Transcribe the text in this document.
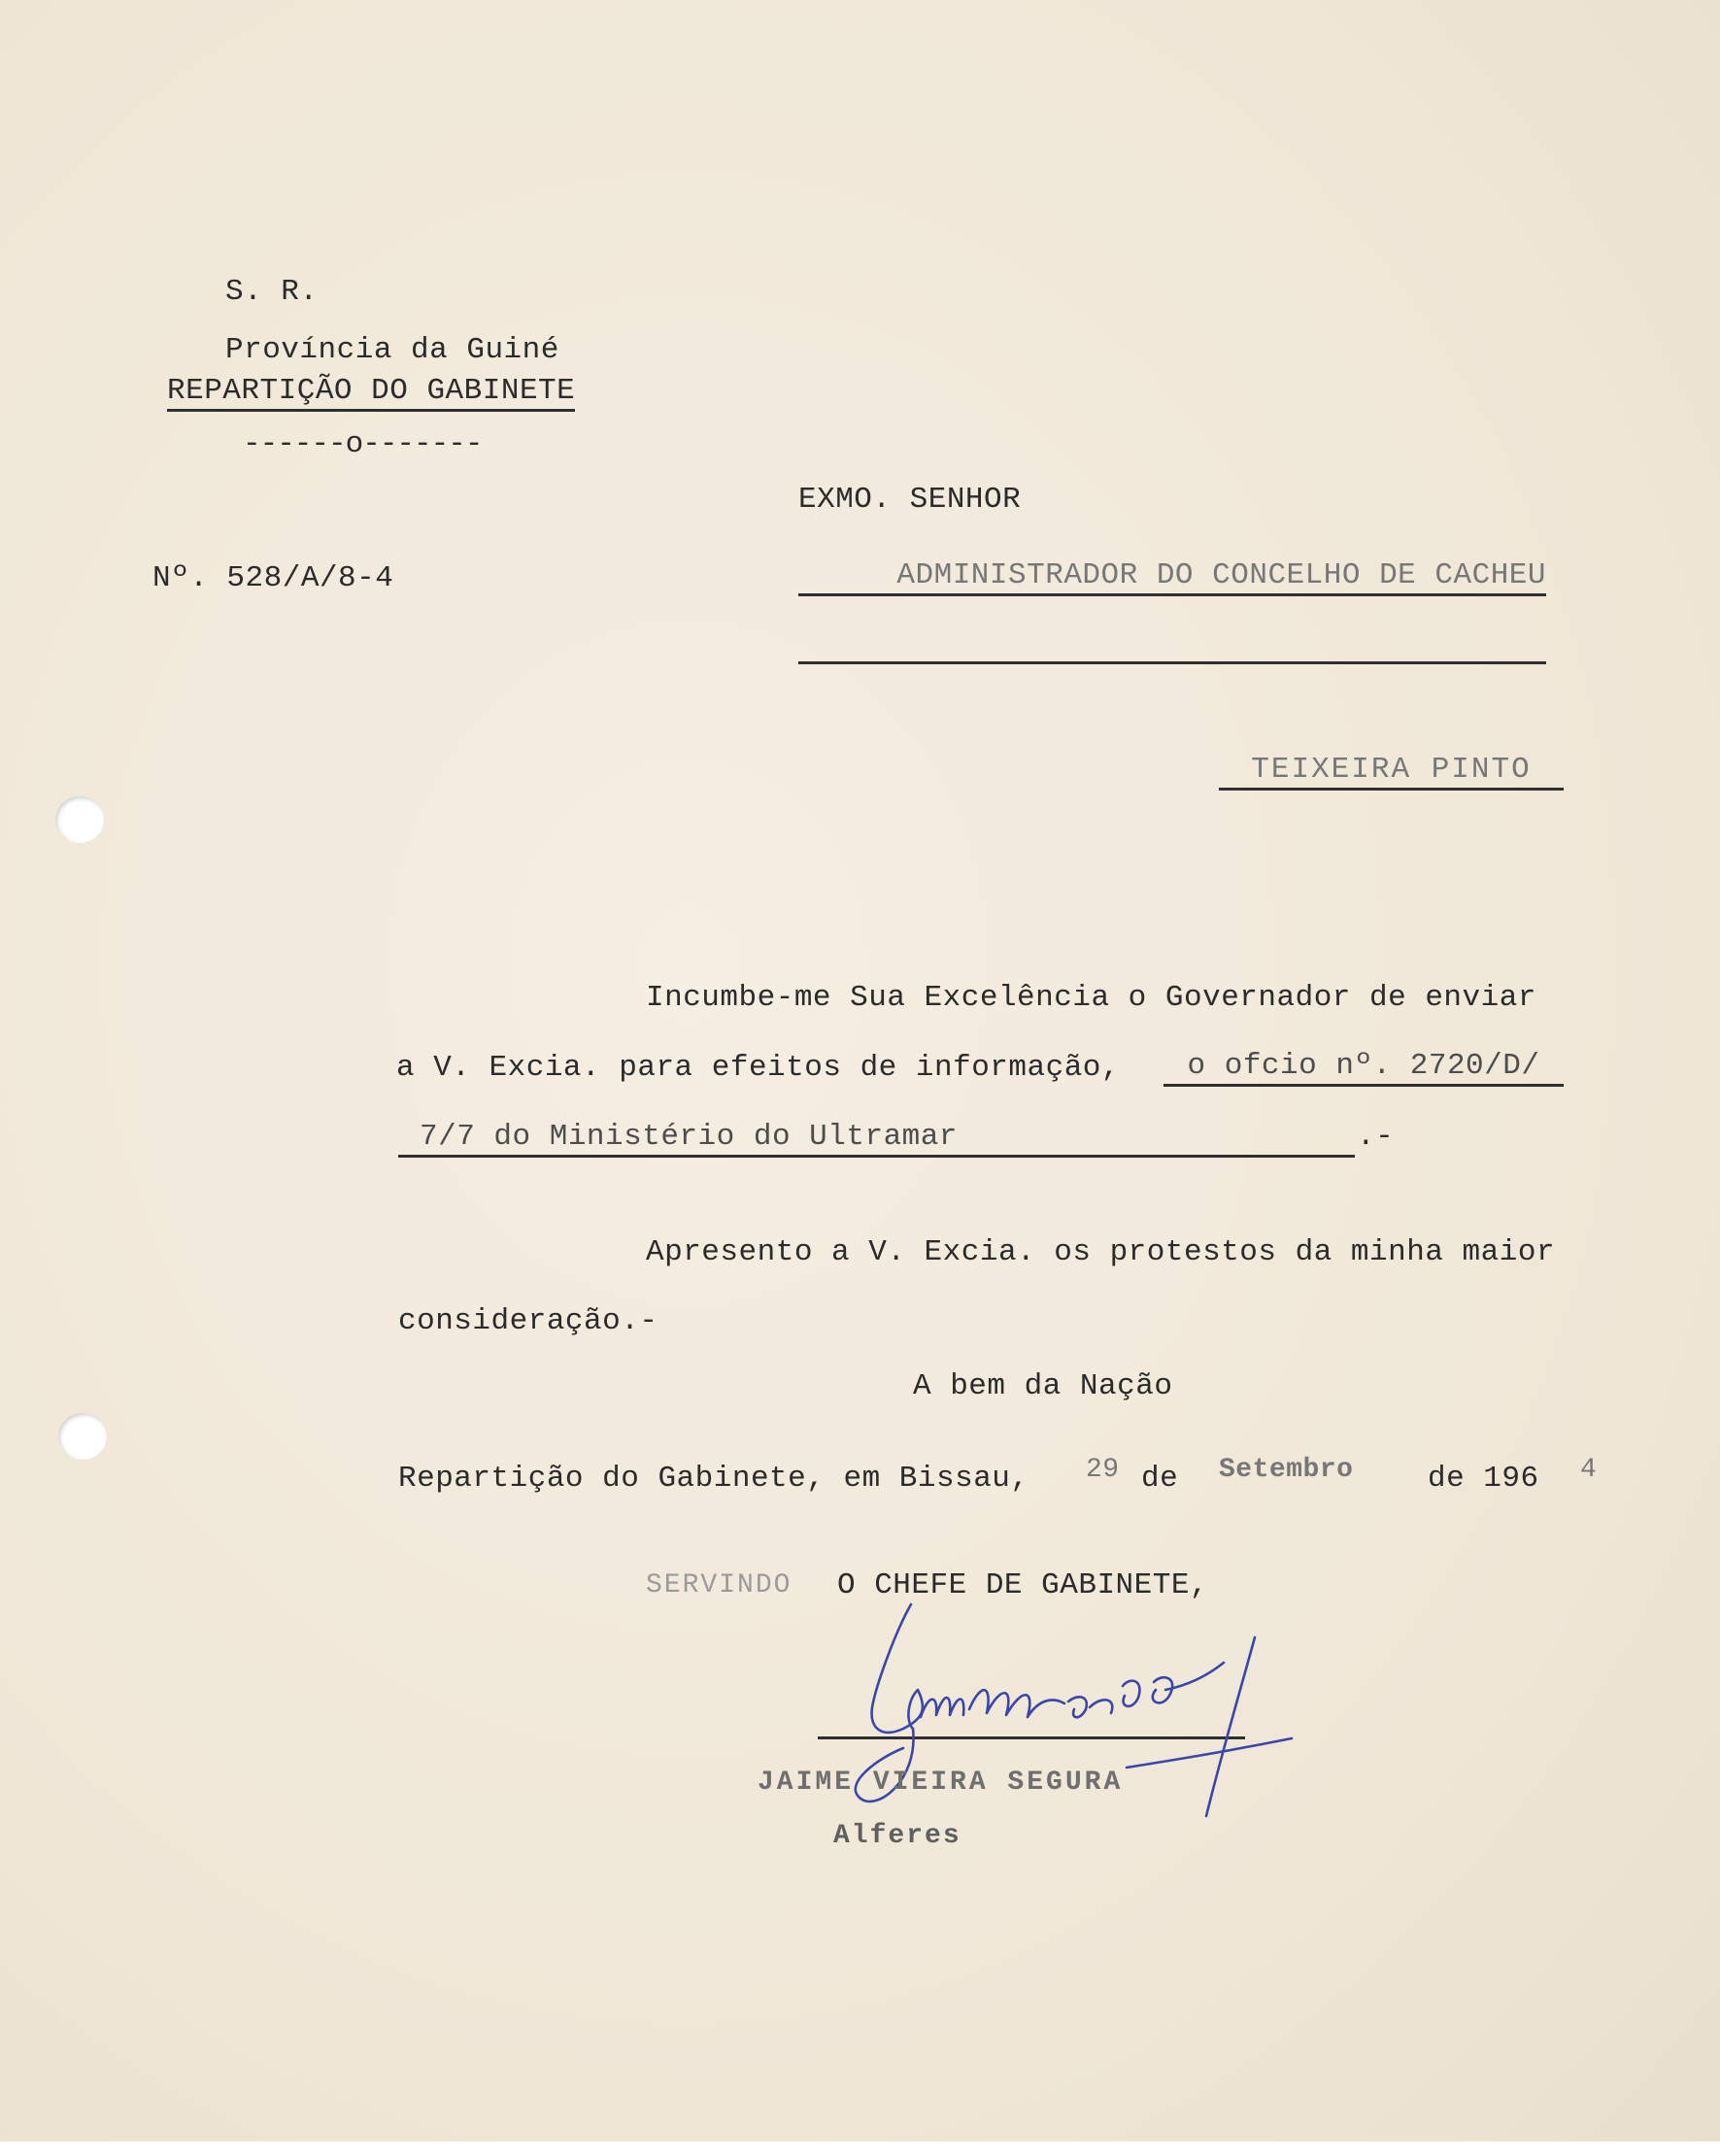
S. R.
Província da Guiné
REPARTIÇÃO DO GABINETE
------o-------
Nº. 528/A/8-4
EXMO. SENHOR
ADMINISTRADOR DO CONCELHO DE CACHEU
TEIXEIRA PINTO
Incumbe-me Sua Excelência o Governador de enviar
a V. Excia. para efeitos de informação,	o ofcio nº. 2720/D/
7/7 do Ministério do Ultramar	.-
Apresento a V. Excia. os protestos da minha maior
consideração.-
A bem da Nação
Repartição do Gabinete, em Bissau, 29 de Setembro de 196 4
SERVINDO O CHEFE DE GABINETE,
JAIME VIEIRA SEGURA
Alferes
